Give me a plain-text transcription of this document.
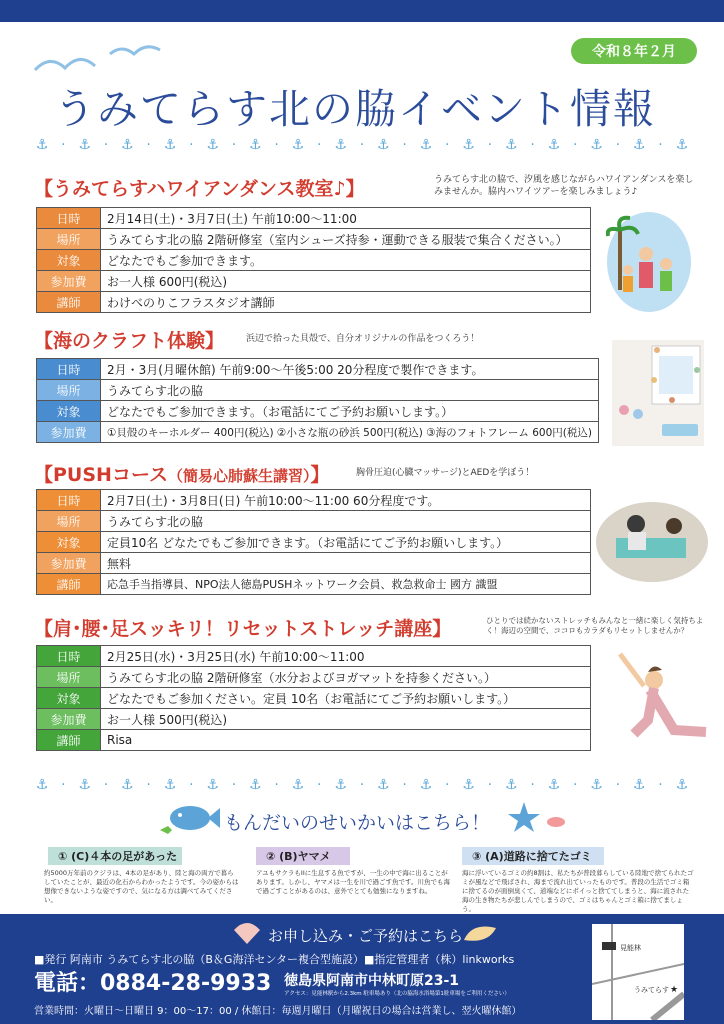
令和８年２月
うみてらす北の脇イベント情報
⚓ · ⚓ · ⚓ · ⚓ · ⚓ · ⚓ · ⚓ · ⚓ · ⚓ · ⚓ · ⚓ · ⚓ · ⚓ · ⚓ · ⚓ · ⚓
【うみてらすハワイアンダンス教室♪】	うみてらす北の脇で、汐風を感じながらハワイアンダンスを楽しみませんか。脇内ハワイツアーを楽しみましょう♪
日時	2月14日(土)・3月7日(土) 午前10:00～11:00
場所	うみてらす北の脇 2階研修室（室内シューズ持参・運動できる服装で集合ください。）
対象	どなたでもご参加できます。
参加費	お一人様 600円(税込)
講師	わけべのりこフラスタジオ講師
【海のクラフト体験】 浜辺で拾った貝殻で、自分オリジナルの作品をつくろう！
日時	2月・3月(月曜休館) 午前9:00～午後5:00 20分程度で製作できます。
場所	うみてらす北の脇
対象	どなたでもご参加できます。（お電話にてご予約お願いします。）
参加費	①貝殻のキーホルダー 400円(税込) ②小さな瓶の砂浜 500円(税込) ③海のフォトフレーム 600円(税込)
【PUSHコース（簡易心肺蘇生講習）】	胸骨圧迫(心臓マッサージ)とAEDを学ぼう！
日時	2月7日(土)・3月8日(日) 午前10:00～11:00 60分程度です。
場所	うみてらす北の脇
対象	定員10名 どなたでもご参加できます。（お電話にてご予約お願いします。）
参加費	無料
講師	応急手当指導員、NPO法人徳島PUSHネットワーク会員、救急救命士 國方 識盟
【肩･腰･足スッキリ！リセットストレッチ講座】	ひとりでは続かないストレッチもみんなと一緒に楽しく気持ちよく！海辺の空間で、ココロもカラダもリセットしませんか？
日時	2月25日(水)・3月25日(水) 午前10:00～11:00
場所	うみてらす北の脇 2階研修室（水分およびヨガマットを持参ください。）
対象	どなたでもご参加ください。定員 10名（お電話にてご予約お願いします。）
参加費	お一人様 500円(税込)
講師	Risa
⚓ · ⚓ · ⚓ · ⚓ · ⚓ · ⚓ · ⚓ · ⚓ · ⚓ · ⚓ · ⚓ · ⚓ · ⚓ · ⚓ · ⚓ · ⚓
もんだいのせいかいはこちら！
① (C)４本の足があった	② (B)ヤマメ	③ (A)道路に捨てたゴミ
約5000万年前のクジラは、4本の足があり、陸と海の両方で暮らしていたことが、最近の化石からわかったようです。今の姿からは想像できないような姿ですので、気になる方は調べてみてください。
アユもサクラもIIに生息する魚ですが、一生の中で海に出ることがあります。しかし、ヤマメは一生を川で過ごす魚です。川魚でも海で過ごすことがあるのは、意外でとても勉強になりますね。
海に浮いているゴミの約8割は、私たちが普段暮らしている陸地で捨てられたゴミが風などで飛ばされ、海まで流れ出ていったものです。普段の生活でゴミ箱に捨てるのが面倒臭くて、道端などにポイっと捨ててしまうと、海に流された海の生き物たちが悲しんでしまうので、ゴミはちゃんとゴミ箱に捨てましょう。
お申し込み・ご予約はこちら
■発行 阿南市 うみてらす北の脇（B＆G海洋センター複合型施設）■指定管理者（株）linkworks
電話：0884-28-9933 徳島県阿南市中林町原23-1
アクセス：見能林駅から2.3km 駐車場あり（北の脇海水浴場第1駐車場をご利用ください）
営業時間：火曜日～日曜日 9：00～17：00 / 休館日：毎週月曜日（月曜祝日の場合は営業し、翌火曜休館）
見能林
うみてらす ★
